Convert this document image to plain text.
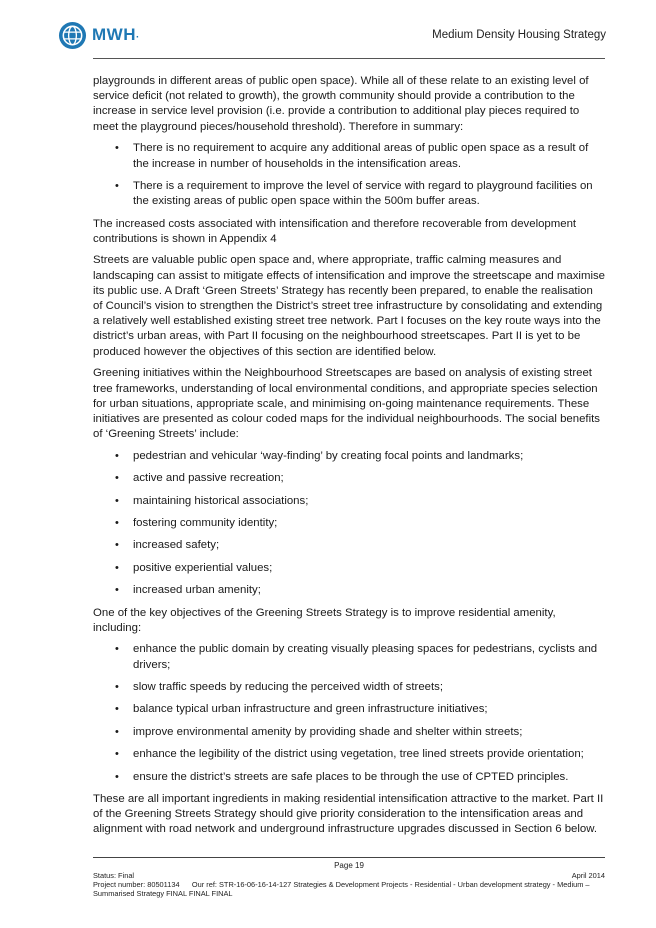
MWH·	Medium Density Housing Strategy

playgrounds in different areas of public open space). While all of these relate to an existing level of service deficit (not related to growth), the growth community should provide a contribution to the increase in service level provision (i.e. provide a contribution to additional play pieces required to meet the playground pieces/household threshold). Therefore in summary:

• There is no requirement to acquire any additional areas of public open space as a result of the increase in number of households in the intensification areas.
• There is a requirement to improve the level of service with regard to playground facilities on the existing areas of public open space within the 500m buffer areas.

The increased costs associated with intensification and therefore recoverable from development contributions is shown in Appendix 4

Streets are valuable public open space and, where appropriate, traffic calming measures and landscaping can assist to mitigate effects of intensification and improve the streetscape and maximise its public use. A Draft ‘Green Streets’ Strategy has recently been prepared, to enable the realisation of Council’s vision to strengthen the District’s street tree infrastructure by consolidating and extending a relatively well established existing street tree network. Part I focuses on the key route ways into the district’s urban areas, with Part II focusing on the neighbourhood streetscapes. Part II is yet to be produced however the objectives of this section are identified below.

Greening initiatives within the Neighbourhood Streetscapes are based on analysis of existing street tree frameworks, understanding of local environmental conditions, and appropriate species selection for urban situations, appropriate scale, and minimising on-going maintenance requirements. These initiatives are presented as colour coded maps for the individual neighbourhoods. The social benefits of ‘Greening Streets’ include:

• pedestrian and vehicular ‘way-finding’ by creating focal points and landmarks;
• active and passive recreation;
• maintaining historical associations;
• fostering community identity;
• increased safety;
• positive experiential values;
• increased urban amenity;

One of the key objectives of the Greening Streets Strategy is to improve residential amenity, including:

• enhance the public domain by creating visually pleasing spaces for pedestrians, cyclists and drivers;
• slow traffic speeds by reducing the perceived width of streets;
• balance typical urban infrastructure and green infrastructure initiatives;
• improve environmental amenity by providing shade and shelter within streets;
• enhance the legibility of the district using vegetation, tree lined streets provide orientation;
• ensure the district’s streets are safe places to be through the use of CPTED principles.

These are all important ingredients in making residential intensification attractive to the market. Part II of the Greening Streets Strategy should give priority consideration to the intensification areas and alignment with road network and underground infrastructure upgrades discussed in Section 6 below.

Page 19
Status: Final	April 2014
Project number: 80501134 Our ref: STR-16-06-16-14-127 Strategies & Development Projects - Residential - Urban development strategy - Medium – Summarised Strategy FINAL FINAL FINAL
